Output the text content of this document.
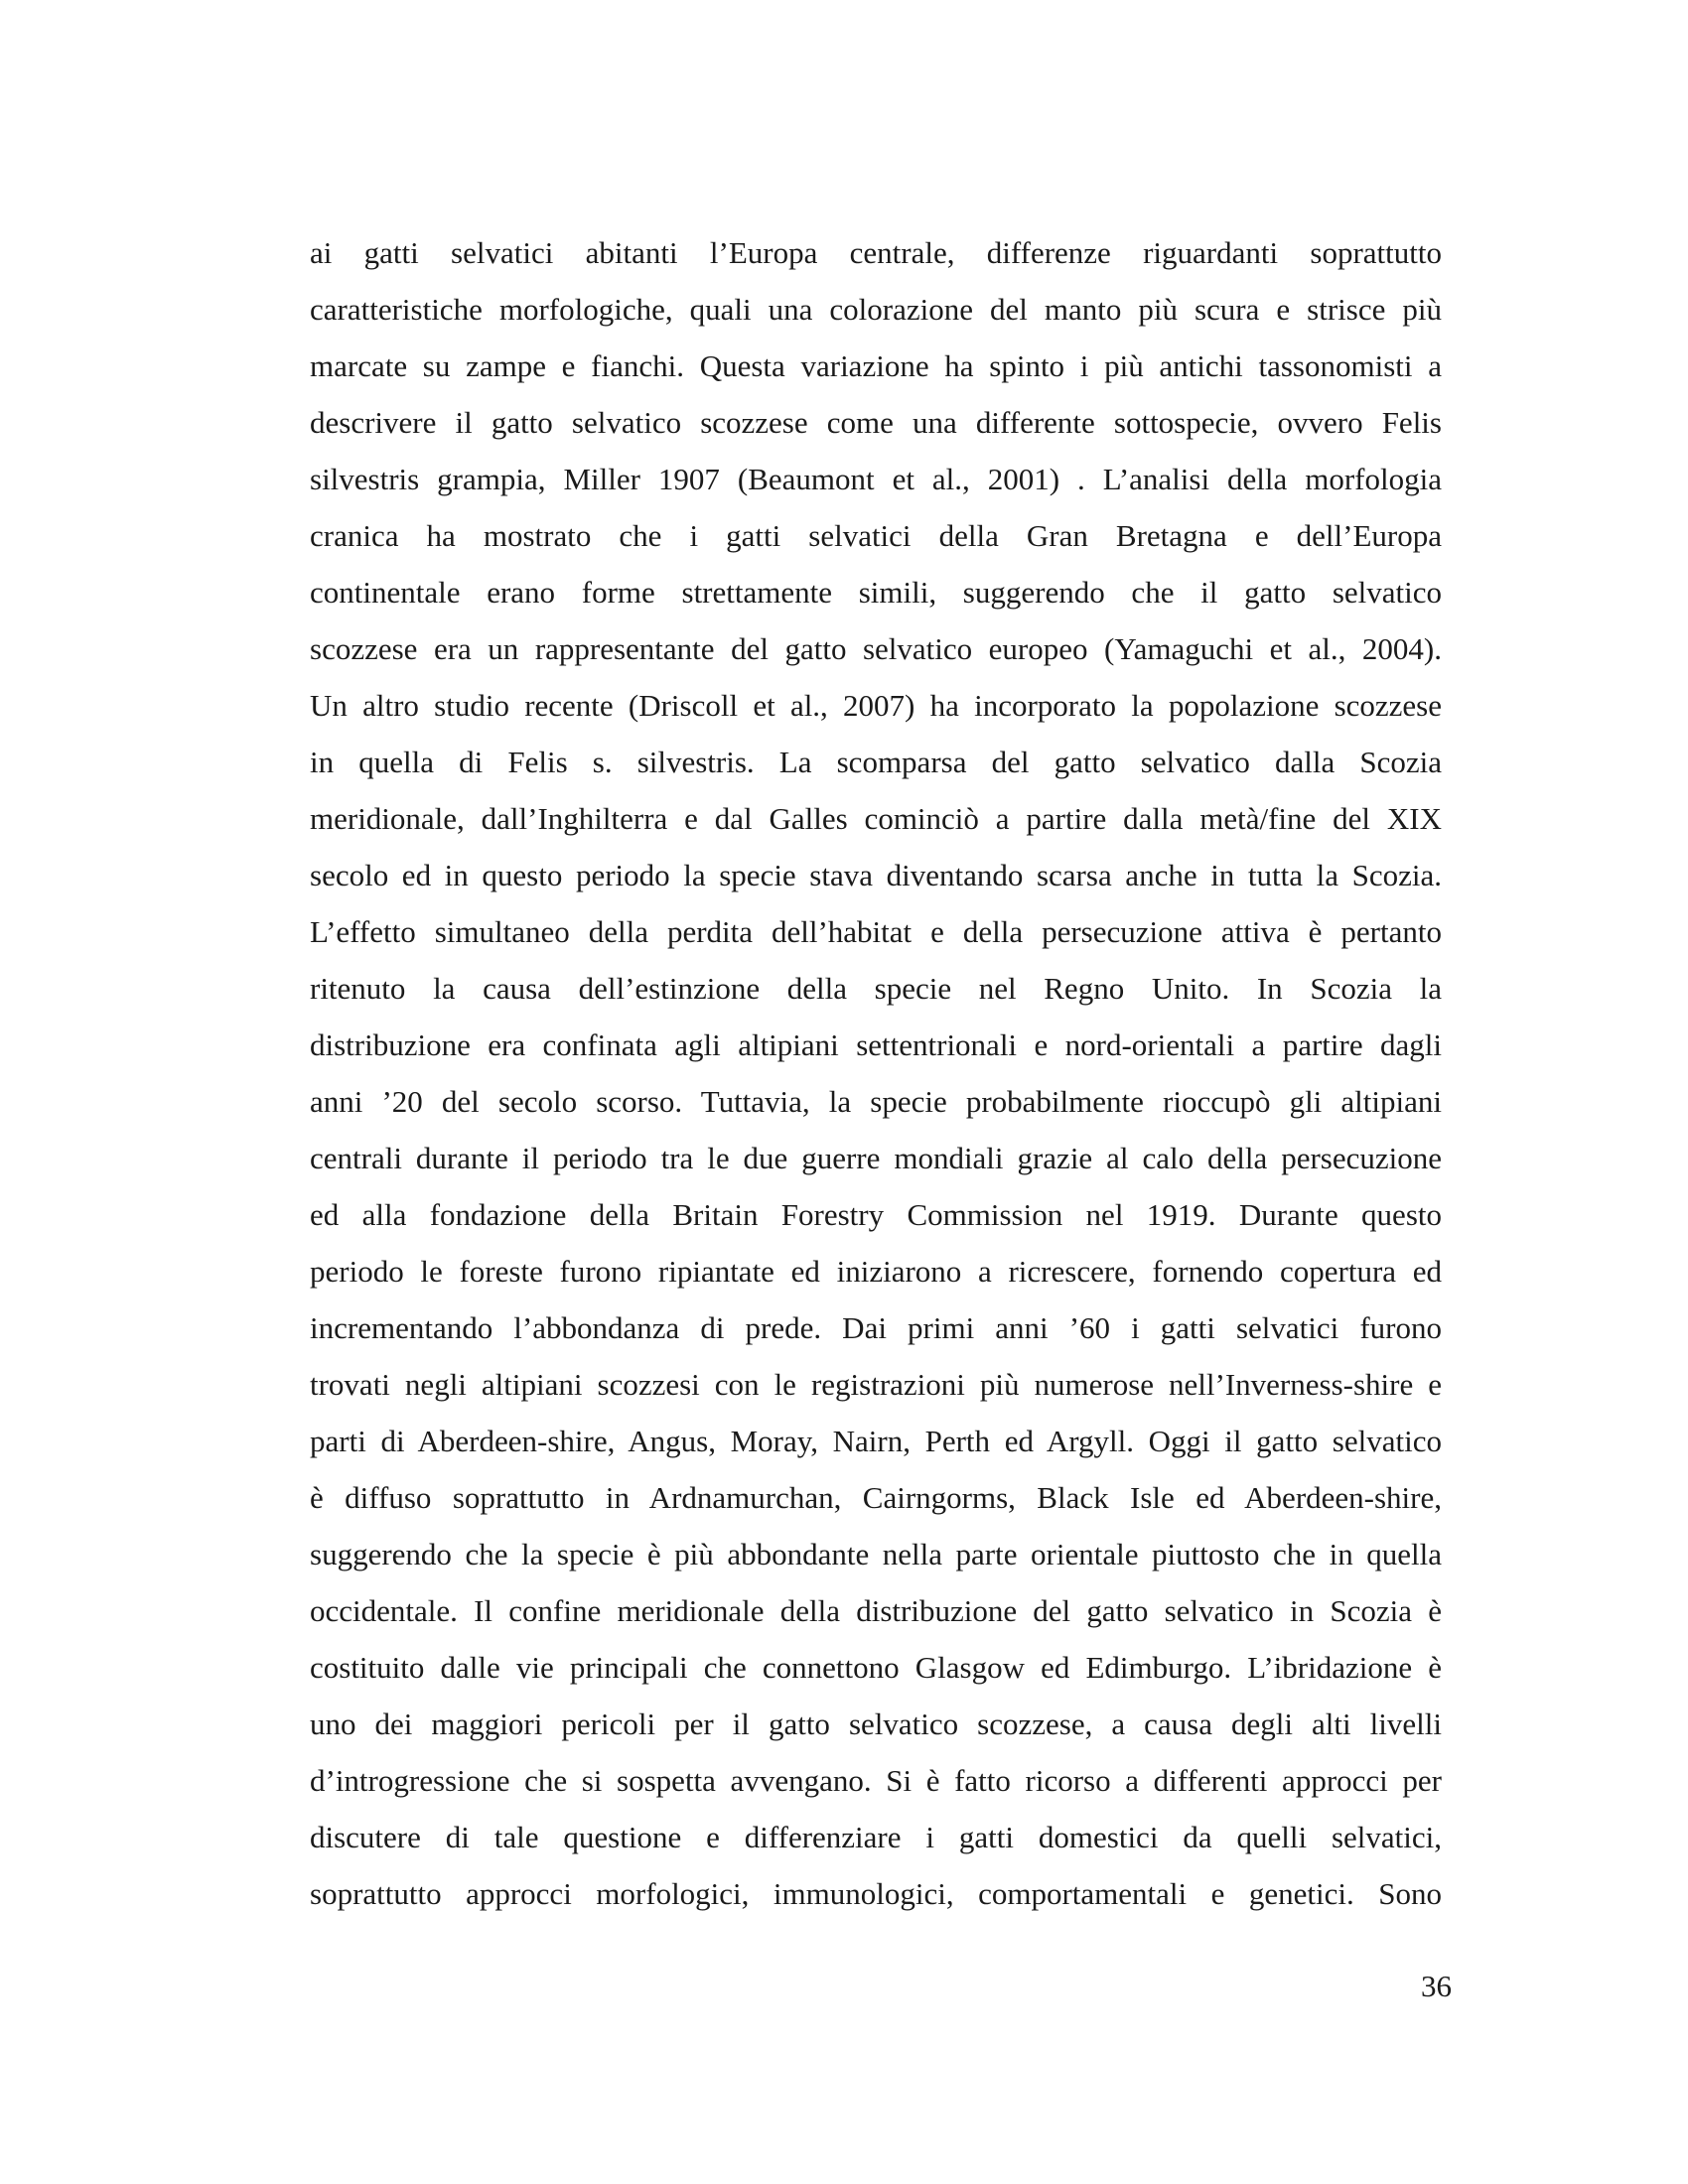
ai gatti selvatici abitanti l’Europa centrale, differenze riguardanti soprattutto
caratteristiche morfologiche, quali una colorazione del manto più scura e strisce più
marcate su zampe e fianchi. Questa variazione ha spinto i più antichi tassonomisti a
descrivere il gatto selvatico scozzese come una differente sottospecie, ovvero Felis
silvestris grampia, Miller 1907 (Beaumont et al., 2001) . L’analisi della morfologia
cranica ha mostrato che i gatti selvatici della Gran Bretagna e dell’Europa
continentale erano forme strettamente simili, suggerendo che il gatto selvatico
scozzese era un rappresentante del gatto selvatico europeo (Yamaguchi et al., 2004).
Un altro studio recente (Driscoll et al., 2007) ha incorporato la popolazione scozzese
in quella di Felis s. silvestris. La scomparsa del gatto selvatico dalla Scozia
meridionale, dall’Inghilterra e dal Galles cominciò a partire dalla metà/fine del XIX
secolo ed in questo periodo la specie stava diventando scarsa anche in tutta la Scozia.
L’effetto simultaneo della perdita dell’habitat e della persecuzione attiva è pertanto
ritenuto la causa dell’estinzione della specie nel Regno Unito. In Scozia la
distribuzione era confinata agli altipiani settentrionali e nord-orientali a partire dagli
anni ’20 del secolo scorso. Tuttavia, la specie probabilmente rioccupò gli altipiani
centrali durante il periodo tra le due guerre mondiali grazie al calo della persecuzione
ed alla fondazione della Britain Forestry Commission nel 1919. Durante questo
periodo le foreste furono ripiantate ed iniziarono a ricrescere, fornendo copertura ed
incrementando l’abbondanza di prede. Dai primi anni ’60 i gatti selvatici furono
trovati negli altipiani scozzesi con le registrazioni più numerose nell’Inverness-shire e
parti di Aberdeen-shire, Angus, Moray, Nairn, Perth ed Argyll. Oggi il gatto selvatico
è diffuso soprattutto in Ardnamurchan, Cairngorms, Black Isle ed Aberdeen-shire,
suggerendo che la specie è più abbondante nella parte orientale piuttosto che in quella
occidentale. Il confine meridionale della distribuzione del gatto selvatico in Scozia è
costituito dalle vie principali che connettono Glasgow ed Edimburgo. L’ibridazione è
uno dei maggiori pericoli per il gatto selvatico scozzese, a causa degli alti livelli
d’introgressione che si sospetta avvengano. Si è fatto ricorso a differenti approcci per
discutere di tale questione e differenziare i gatti domestici da quelli selvatici,
soprattutto approcci morfologici, immunologici, comportamentali e genetici. Sono
36
